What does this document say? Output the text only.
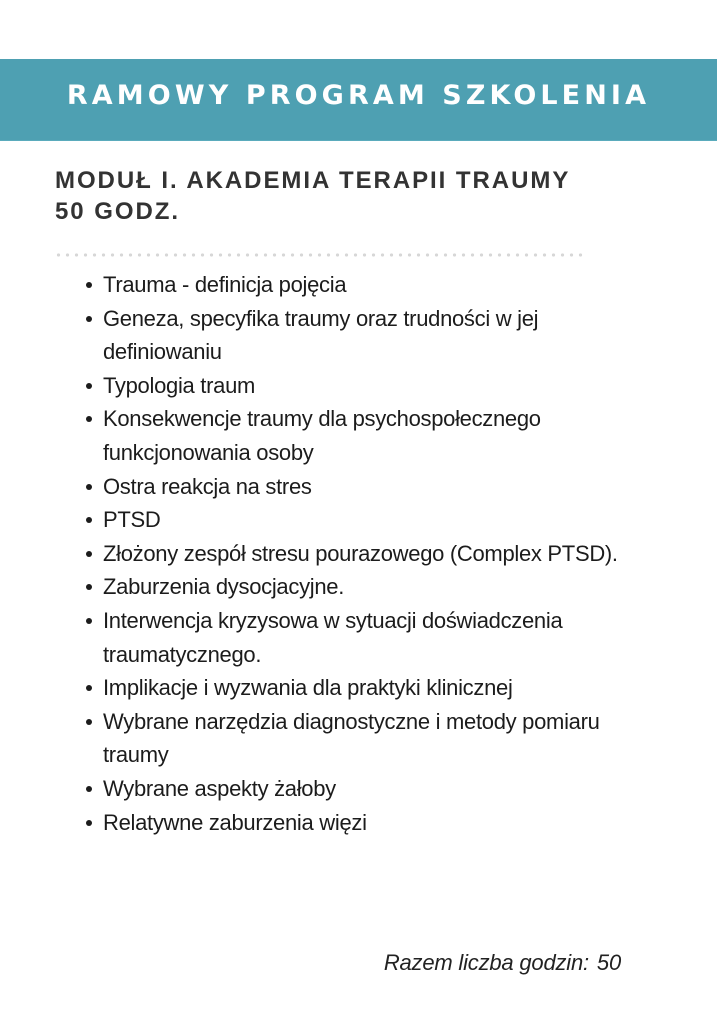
RAMOWY PROGRAM SZKOLENIA
MODUŁ I. AKADEMIA TERAPII TRAUMY
50 GODZ.
Trauma - definicja pojęcia
Geneza, specyfika traumy oraz trudności w jej definiowaniu
Typologia traum
Konsekwencje traumy dla psychospołecznego funkcjonowania osoby
Ostra reakcja na stres
PTSD
Złożony zespół stresu pourazowego (Complex PTSD).
Zaburzenia dysocjacyjne.
Interwencja kryzysowa w sytuacji doświadczenia traumatycznego.
Implikacje i wyzwania dla praktyki klinicznej
Wybrane narzędzia diagnostyczne i metody pomiaru traumy
Wybrane aspekty żałoby
Relatywne zaburzenia więzi
Razem liczba godzin: 50
